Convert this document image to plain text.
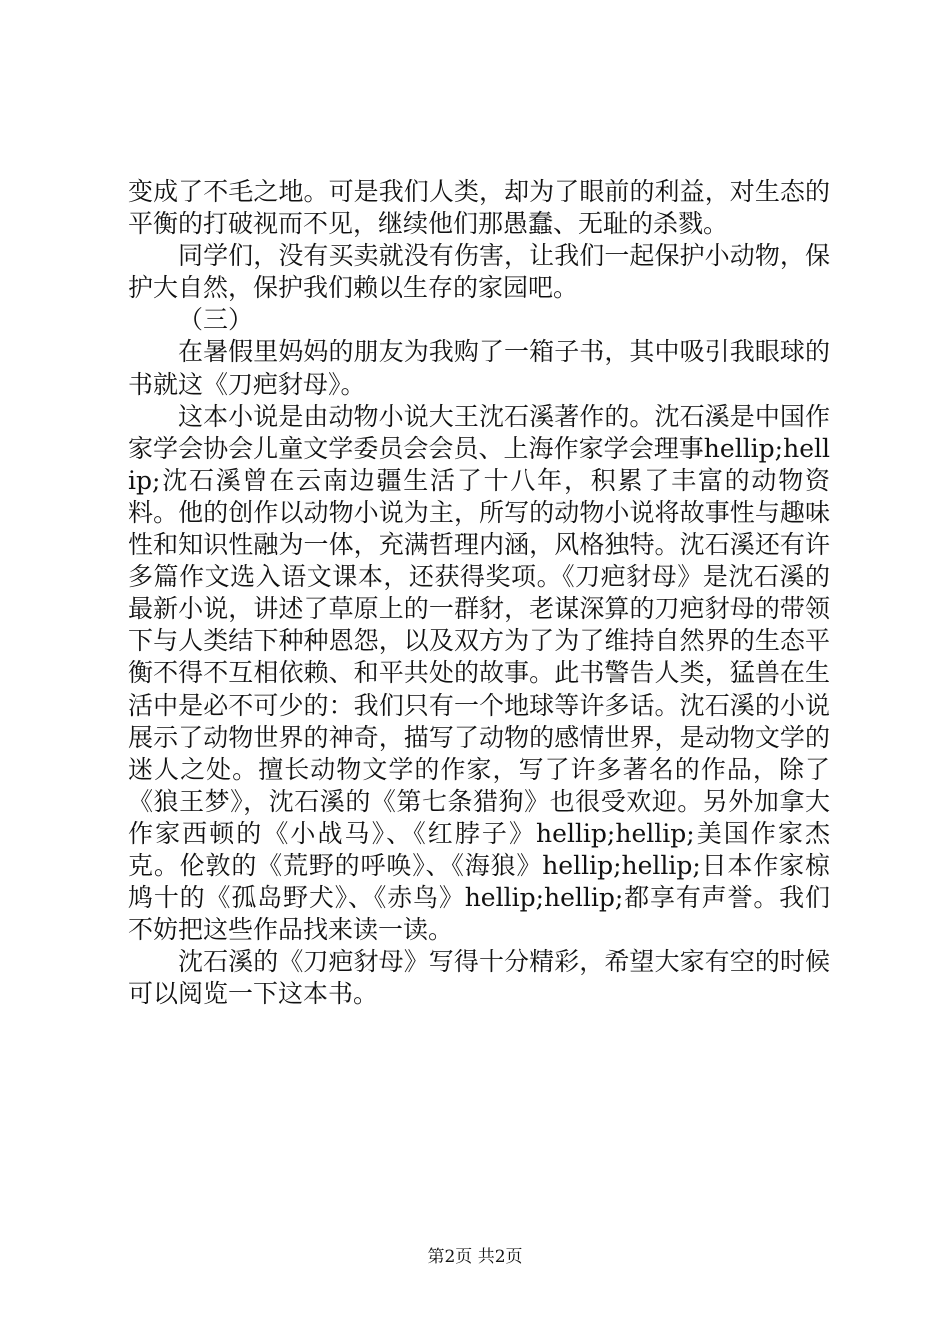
变成了不毛之地。可是我们人类，却为了眼前的利益，对生态的平衡的打破视而不见，继续他们那愚蠢、无耻的杀戮。

同学们，没有买卖就没有伤害，让我们一起保护小动物，保护大自然，保护我们赖以生存的家园吧。

（三）

在暑假里妈妈的朋友为我购了一箱子书，其中吸引我眼球的书就这《刀疤豺母》。

这本小说是由动物小说大王沈石溪著作的。沈石溪是中国作家学会协会儿童文学委员会会员、上海作家学会理事hellip;hellip;沈石溪曾在云南边疆生活了十八年，积累了丰富的动物资料。他的创作以动物小说为主，所写的动物小说将故事性与趣味性和知识性融为一体，充满哲理内涵，风格独特。沈石溪还有许多篇作文选入语文课本，还获得奖项。《刀疤豺母》是沈石溪的最新小说，讲述了草原上的一群豺，老谋深算的刀疤豺母的带领下与人类结下种种恩怨，以及双方为了为了维持自然界的生态平衡不得不互相依赖、和平共处的故事。此书警告人类，猛兽在生活中是必不可少的：我们只有一个地球等许多话。沈石溪的小说展示了动物世界的神奇，描写了动物的感情世界，是动物文学的迷人之处。擅长动物文学的作家，写了许多著名的作品，除了《狼王梦》，沈石溪的《第七条猎狗》也很受欢迎。另外加拿大作家西顿的《小战马》、《红脖子》hellip;hellip;美国作家杰克。伦敦的《荒野的呼唤》、《海狼》hellip;hellip;日本作家椋鸠十的《孤岛野犬》、《赤鸟》hellip;hellip;都享有声誉。我们不妨把这些作品找来读一读。

沈石溪的《刀疤豺母》写得十分精彩，希望大家有空的时候可以阅览一下这本书。

第2页 共2页
